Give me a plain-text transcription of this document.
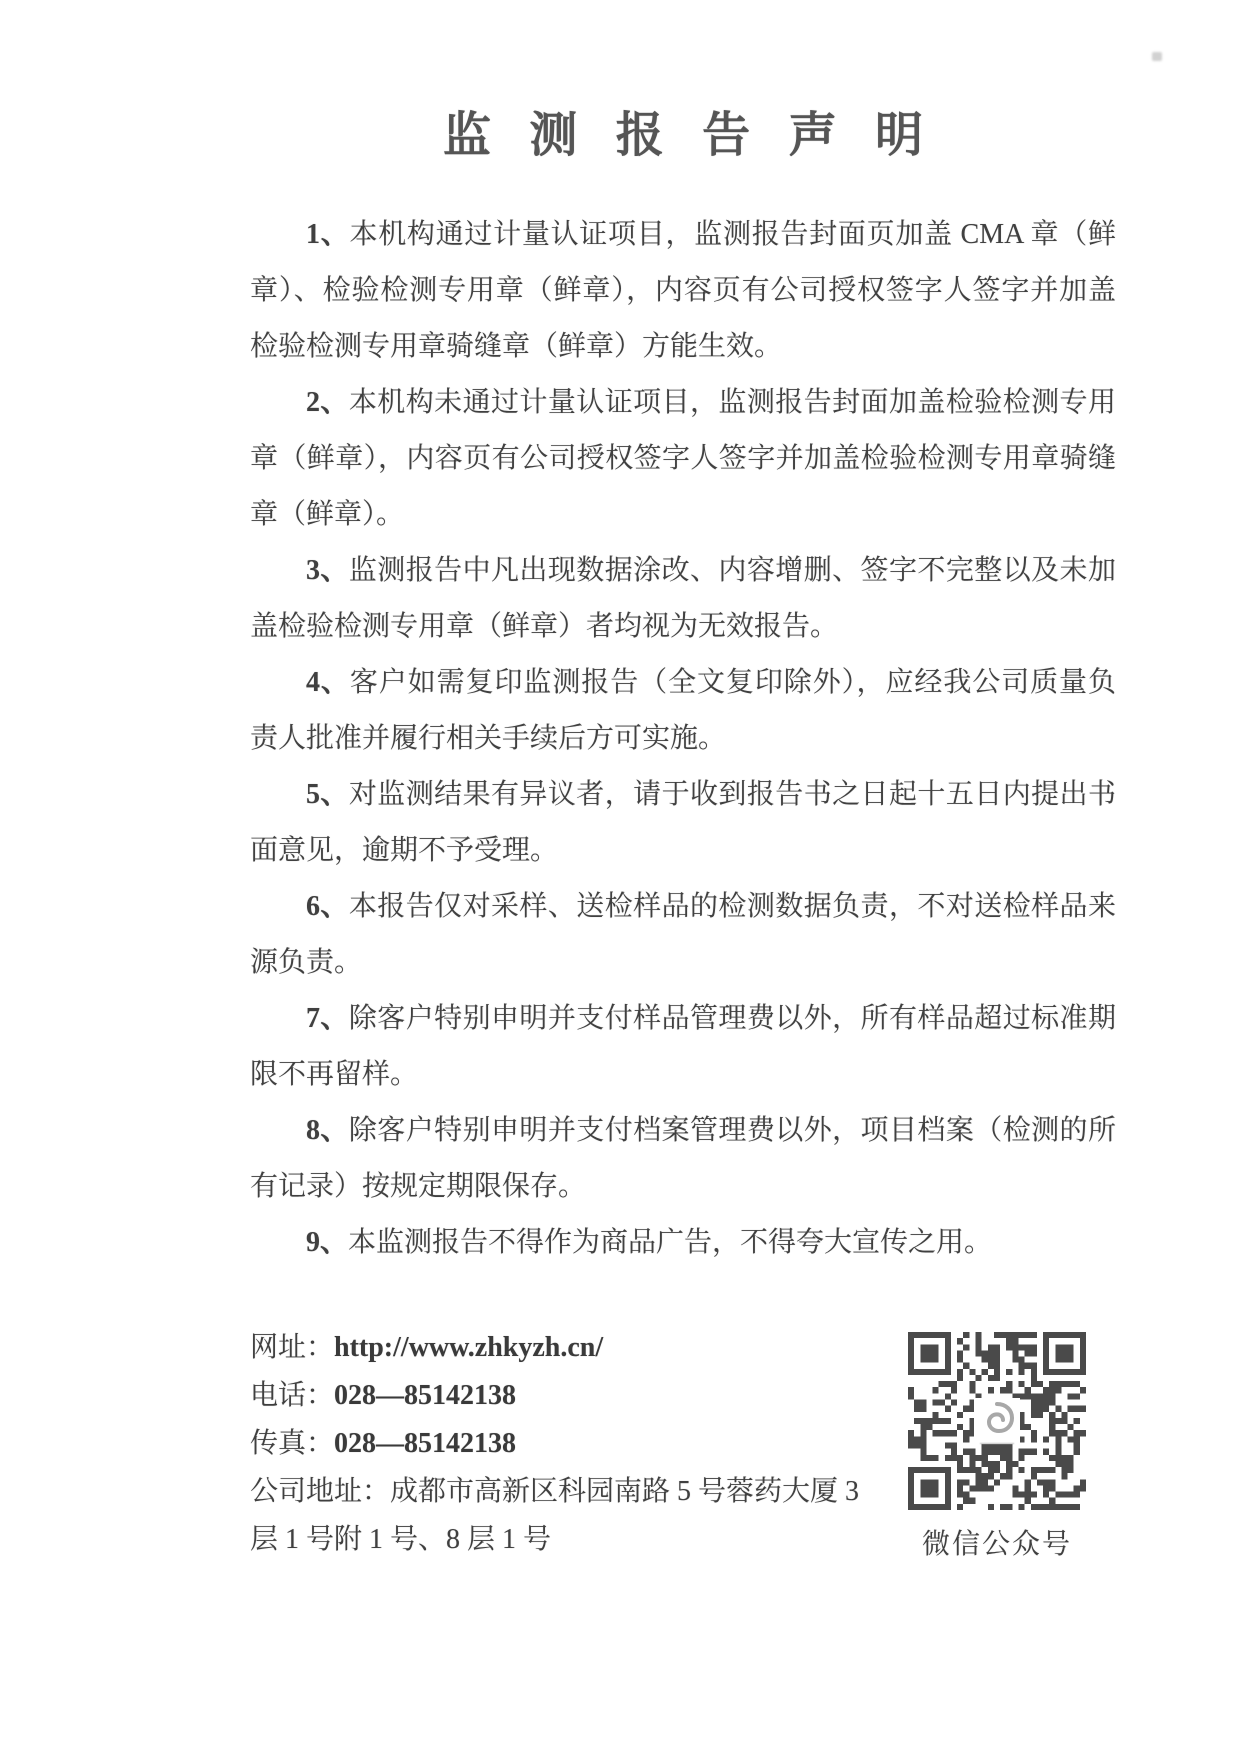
监测报告声明

1、本机构通过计量认证项目，监测报告封面页加盖 CMA 章（鲜章）、检验检测专用章（鲜章），内容页有公司授权签字人签字并加盖检验检测专用章骑缝章（鲜章）方能生效。

2、本机构未通过计量认证项目，监测报告封面加盖检验检测专用章（鲜章），内容页有公司授权签字人签字并加盖检验检测专用章骑缝章（鲜章）。

3、监测报告中凡出现数据涂改、内容增删、签字不完整以及未加盖检验检测专用章（鲜章）者均视为无效报告。

4、客户如需复印监测报告（全文复印除外），应经我公司质量负责人批准并履行相关手续后方可实施。

5、对监测结果有异议者，请于收到报告书之日起十五日内提出书面意见，逾期不予受理。

6、本报告仅对采样、送检样品的检测数据负责，不对送检样品来源负责。

7、除客户特别申明并支付样品管理费以外，所有样品超过标准期限不再留样。

8、除客户特别申明并支付档案管理费以外，项目档案（检测的所有记录）按规定期限保存。

9、本监测报告不得作为商品广告，不得夸大宣传之用。

网址：http://www.zhkyzh.cn/
电话：028—85142138
传真：028—85142138
公司地址：成都市高新区科园南路 5 号蓉药大厦 3 层 1 号附 1 号、8 层 1 号	微信公众号
